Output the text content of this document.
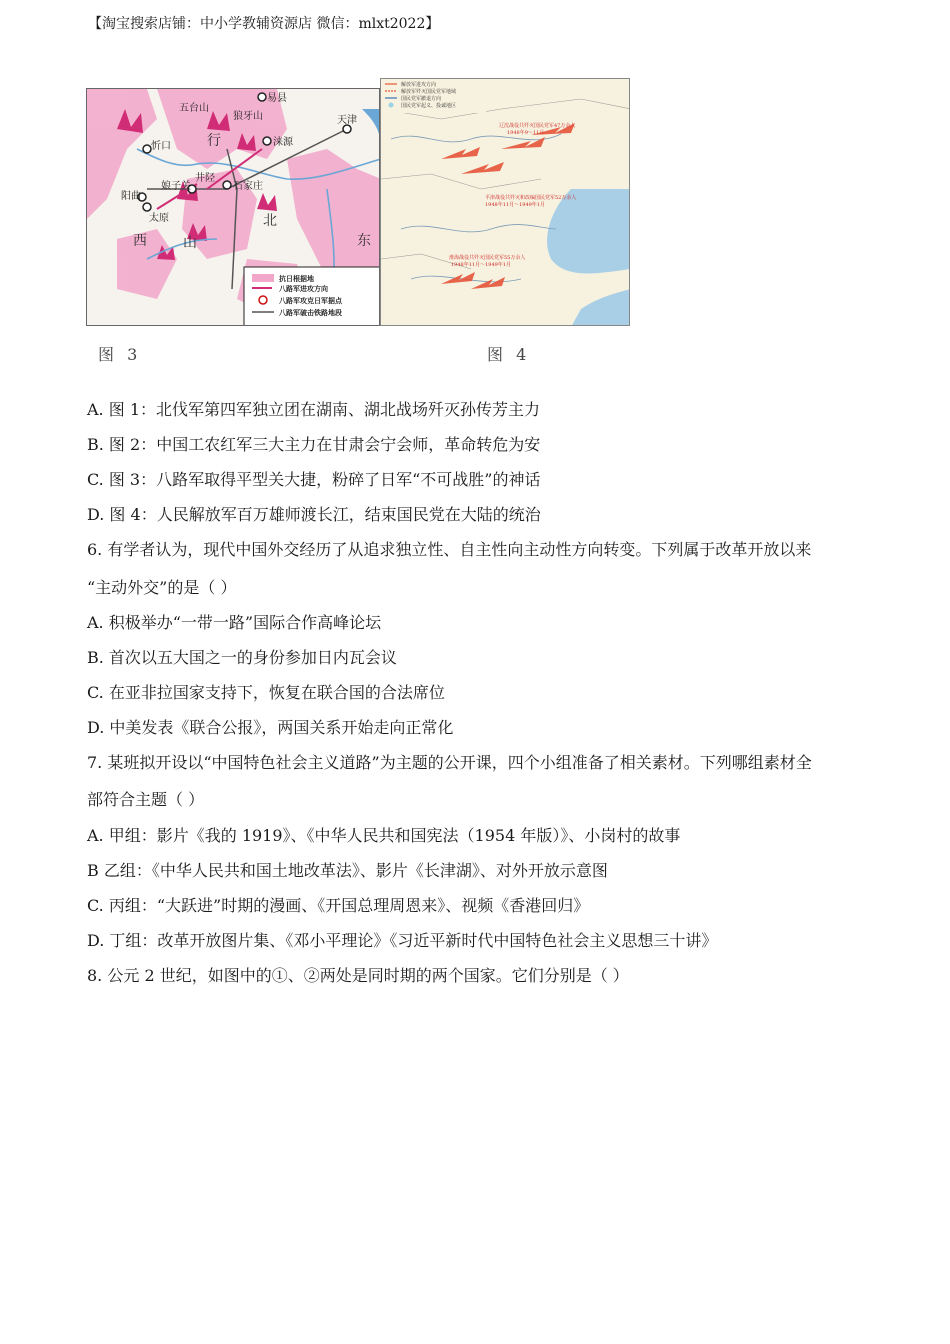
【淘宝搜索店铺：中小学教辅资源店 微信：mlxt2022】
易县
五台山
狼牙山
涞源
忻口
阳曲
娘子关
井陉
石家庄
天津
太原
行
西
北
山	东
抗日根据地
八路军进攻方向
八路军攻克日军据点
八路军破击铁路地段
解放军进攻方向
解放军歼灭国民党军地域
国民党军撤退方向
国民党军起义、投诚地区
辽沈战役共歼灭国民党军47万余人
1948年9～11月
平津战役共歼灭和改编国民党军52万余人
1948年11月～1949年1月
淮海战役共歼灭国民党军55万余人
1948年11月～1949年1月
图 3	图 4
A. 图 1：北伐军第四军独立团在湖南、湖北战场歼灭孙传芳主力
B. 图 2：中国工农红军三大主力在甘肃会宁会师，革命转危为安
C. 图 3：八路军取得平型关大捷，粉碎了日军“不可战胜”的神话
D. 图 4：人民解放军百万雄师渡长江，结束国民党在大陆的统治
6. 有学者认为，现代中国外交经历了从追求独立性、自主性向主动性方向转变。下列属于改革开放以来
“主动外交”的是（ ）
A. 积极举办“一带一路”国际合作高峰论坛
B. 首次以五大国之一的身份参加日内瓦会议
C. 在亚非拉国家支持下，恢复在联合国的合法席位
D. 中美发表《联合公报》，两国关系开始走向正常化
7. 某班拟开设以“中国特色社会主义道路”为主题的公开课，四个小组准备了相关素材。下列哪组素材全
部符合主题（ ）
A. 甲组：影片《我的 1919》、《中华人民共和国宪法（1954 年版）》、小岗村的故事
B 乙组：《中华人民共和国土地改革法》、影片《长津湖》、对外开放示意图
C. 丙组：“大跃进”时期的漫画、《开国总理周恩来》、视频《香港回归》
D. 丁组：改革开放图片集、《邓小平理论》《习近平新时代中国特色社会主义思想三十讲》
8. 公元 2 世纪，如图中的①、②两处是同时期的两个国家。它们分别是（ ）
